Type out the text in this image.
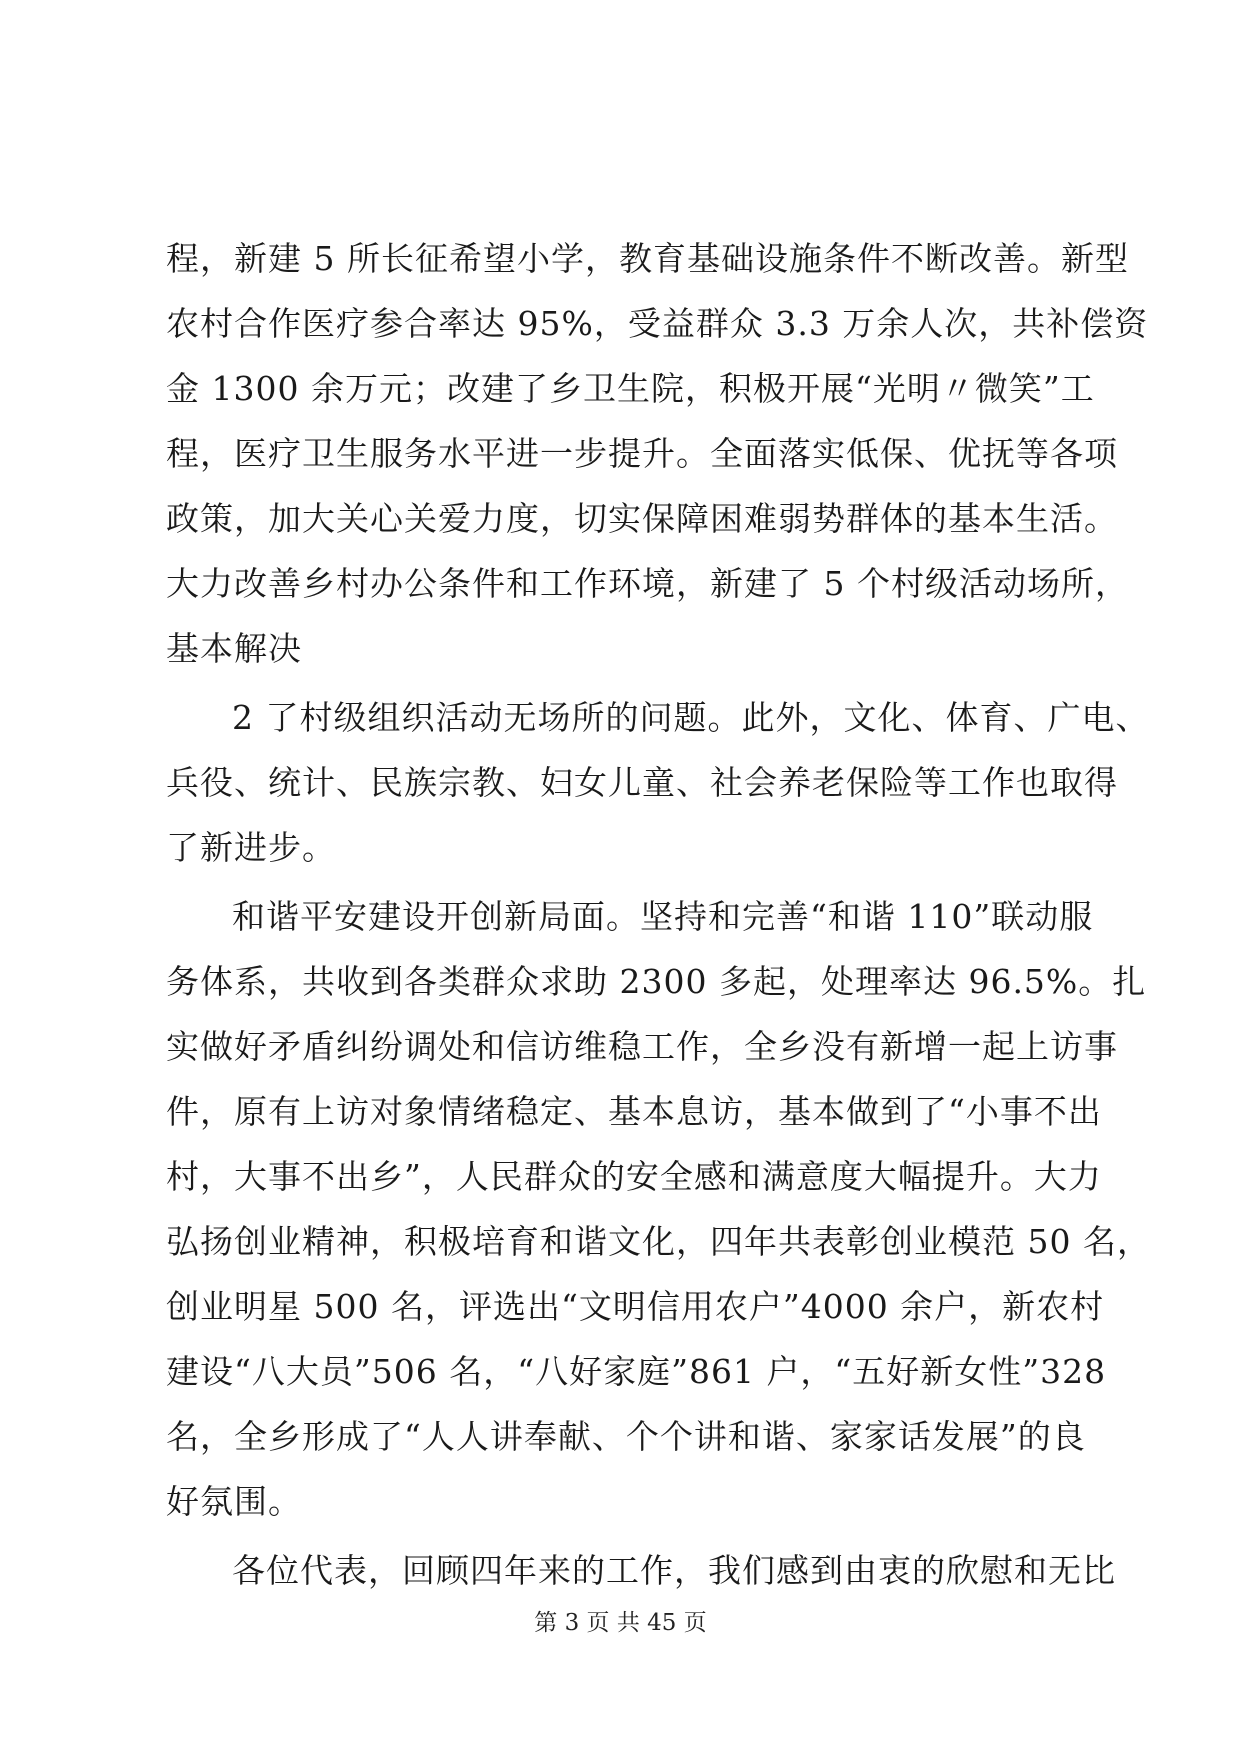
程，新建 5 所长征希望小学，教育基础设施条件不断改善。新型
农村合作医疗参合率达 95%，受益群众 3.3 万余人次，共补偿资
金 1300 余万元；改建了乡卫生院，积极开展“光明〃微笑”工
程，医疗卫生服务水平进一步提升。全面落实低保、优抚等各项
政策，加大关心关爱力度，切实保障困难弱势群体的基本生活。
大力改善乡村办公条件和工作环境，新建了 5 个村级活动场所，
基本解决
2 了村级组织活动无场所的问题。此外，文化、体育、广电、
兵役、统计、民族宗教、妇女儿童、社会养老保险等工作也取得
了新进步。
和谐平安建设开创新局面。坚持和完善“和谐 110”联动服
务体系，共收到各类群众求助 2300 多起，处理率达 96.5%。扎
实做好矛盾纠纷调处和信访维稳工作，全乡没有新增一起上访事
件，原有上访对象情绪稳定、基本息访，基本做到了“小事不出
村，大事不出乡”，人民群众的安全感和满意度大幅提升。大力
弘扬创业精神，积极培育和谐文化，四年共表彰创业模范 50 名，
创业明星 500 名，评选出“文明信用农户”4000 余户，新农村
建设“八大员”506 名，“八好家庭”861 户，“五好新女性”328
名，全乡形成了“人人讲奉献、个个讲和谐、家家话发展”的良
好氛围。
各位代表，回顾四年来的工作，我们感到由衷的欣慰和无比
第 3 页 共 45 页
